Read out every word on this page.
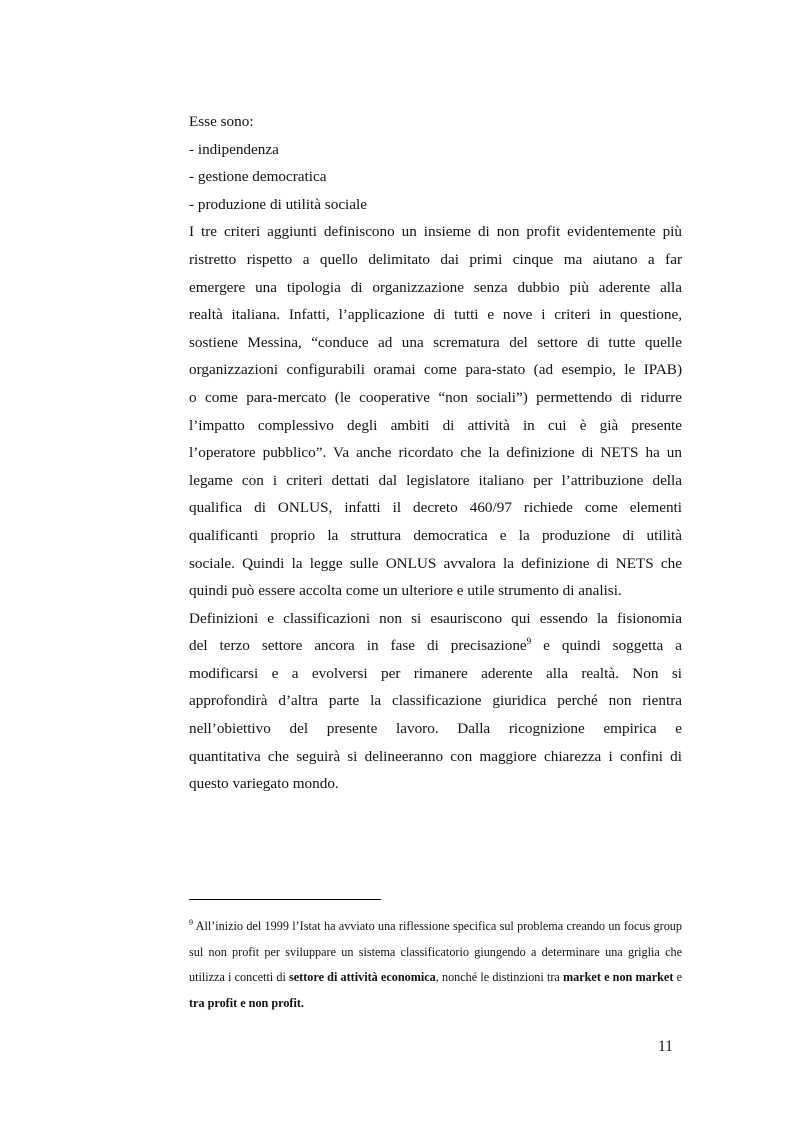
Esse sono:
- indipendenza
- gestione democratica
- produzione di utilità sociale
I tre criteri aggiunti definiscono un insieme di non profit evidentemente più
ristretto rispetto a quello delimitato dai primi cinque ma aiutano a far
emergere una tipologia di organizzazione senza dubbio più aderente alla
realtà italiana. Infatti, l’applicazione di tutti e nove i criteri in questione,
sostiene Messina, “conduce ad una scrematura del settore di tutte quelle
organizzazioni configurabili oramai come para-stato (ad esempio, le IPAB)
o come para-mercato (le cooperative “non sociali”) permettendo di ridurre
l’impatto complessivo degli ambiti di attività in cui è già presente
l’operatore pubblico”. Va anche ricordato che la definizione di NETS ha un
legame con i criteri dettati dal legislatore italiano per l’attribuzione della
qualifica di ONLUS, infatti il decreto 460/97 richiede come elementi
qualificanti proprio la struttura democratica e la produzione di utilità
sociale. Quindi la legge sulle ONLUS avvalora la definizione di NETS che
quindi può essere accolta come un ulteriore e utile strumento di analisi.
Definizioni e classificazioni non si esauriscono qui essendo la fisionomia
del terzo settore ancora in fase di precisazione$^9$ e quindi soggetta a
modificarsi e a evolversi per rimanere aderente alla realtà. Non si
approfondirà d’altra parte la classificazione giuridica perché non rientra
nell’obiettivo del presente lavoro. Dalla ricognizione empirica e
quantitativa che seguirà si delineeranno con maggiore chiarezza i confini di
questo variegato mondo.
$^9$ All’inizio del 1999 l’Istat ha avviato una riflessione specifica sul problema creando un focus group sul non profit per sviluppare un sistema classificatorio giungendo a determinare una griglia che utilizza i concetti di settore di attività economica, nonché le distinzioni tra market e non market e tra profit e non profit.
11
